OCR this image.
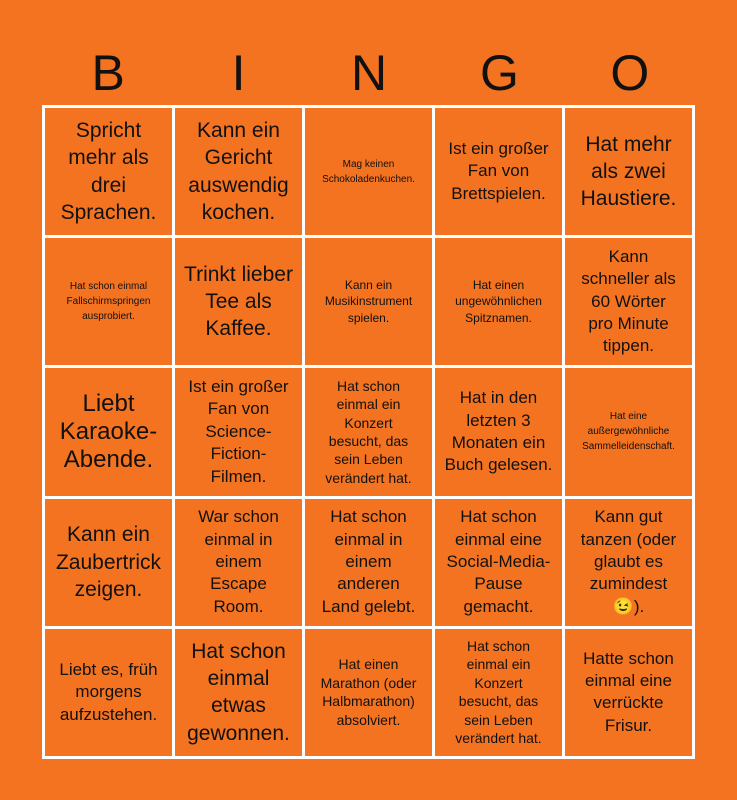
B	I	N	G	O
Spricht mehr als drei Sprachen.
Kann ein Gericht auswendig kochen.
Mag keinen Schokoladenkuchen.
Ist ein großer Fan von Brettspielen.
Hat mehr als zwei Haustiere.
Hat schon einmal Fallschirmspringen ausprobiert.
Trinkt lieber Tee als Kaffee.
Kann ein Musikinstrument spielen.
Hat einen ungewöhnlichen Spitznamen.
Kann schneller als 60 Wörter pro Minute tippen.
Liebt Karaoke-Abende.
Ist ein großer Fan von Science-Fiction-Filmen.
Hat schon einmal ein Konzert besucht, das sein Leben verändert hat.
Hat in den letzten 3 Monaten ein Buch gelesen.
Hat eine außergewöhnliche Sammelleidenschaft.
Kann ein Zaubertrick zeigen.
War schon einmal in einem Escape Room.
Hat schon einmal in einem anderen Land gelebt.
Hat schon einmal eine Social-Media-Pause gemacht.
Kann gut tanzen (oder glaubt es zumindest 😉).
Liebt es, früh morgens aufzustehen.
Hat schon einmal etwas gewonnen.
Hat einen Marathon (oder Halbmarathon) absolviert.
Hat schon einmal ein Konzert besucht, das sein Leben verändert hat.
Hatte schon einmal eine verrückte Frisur.
